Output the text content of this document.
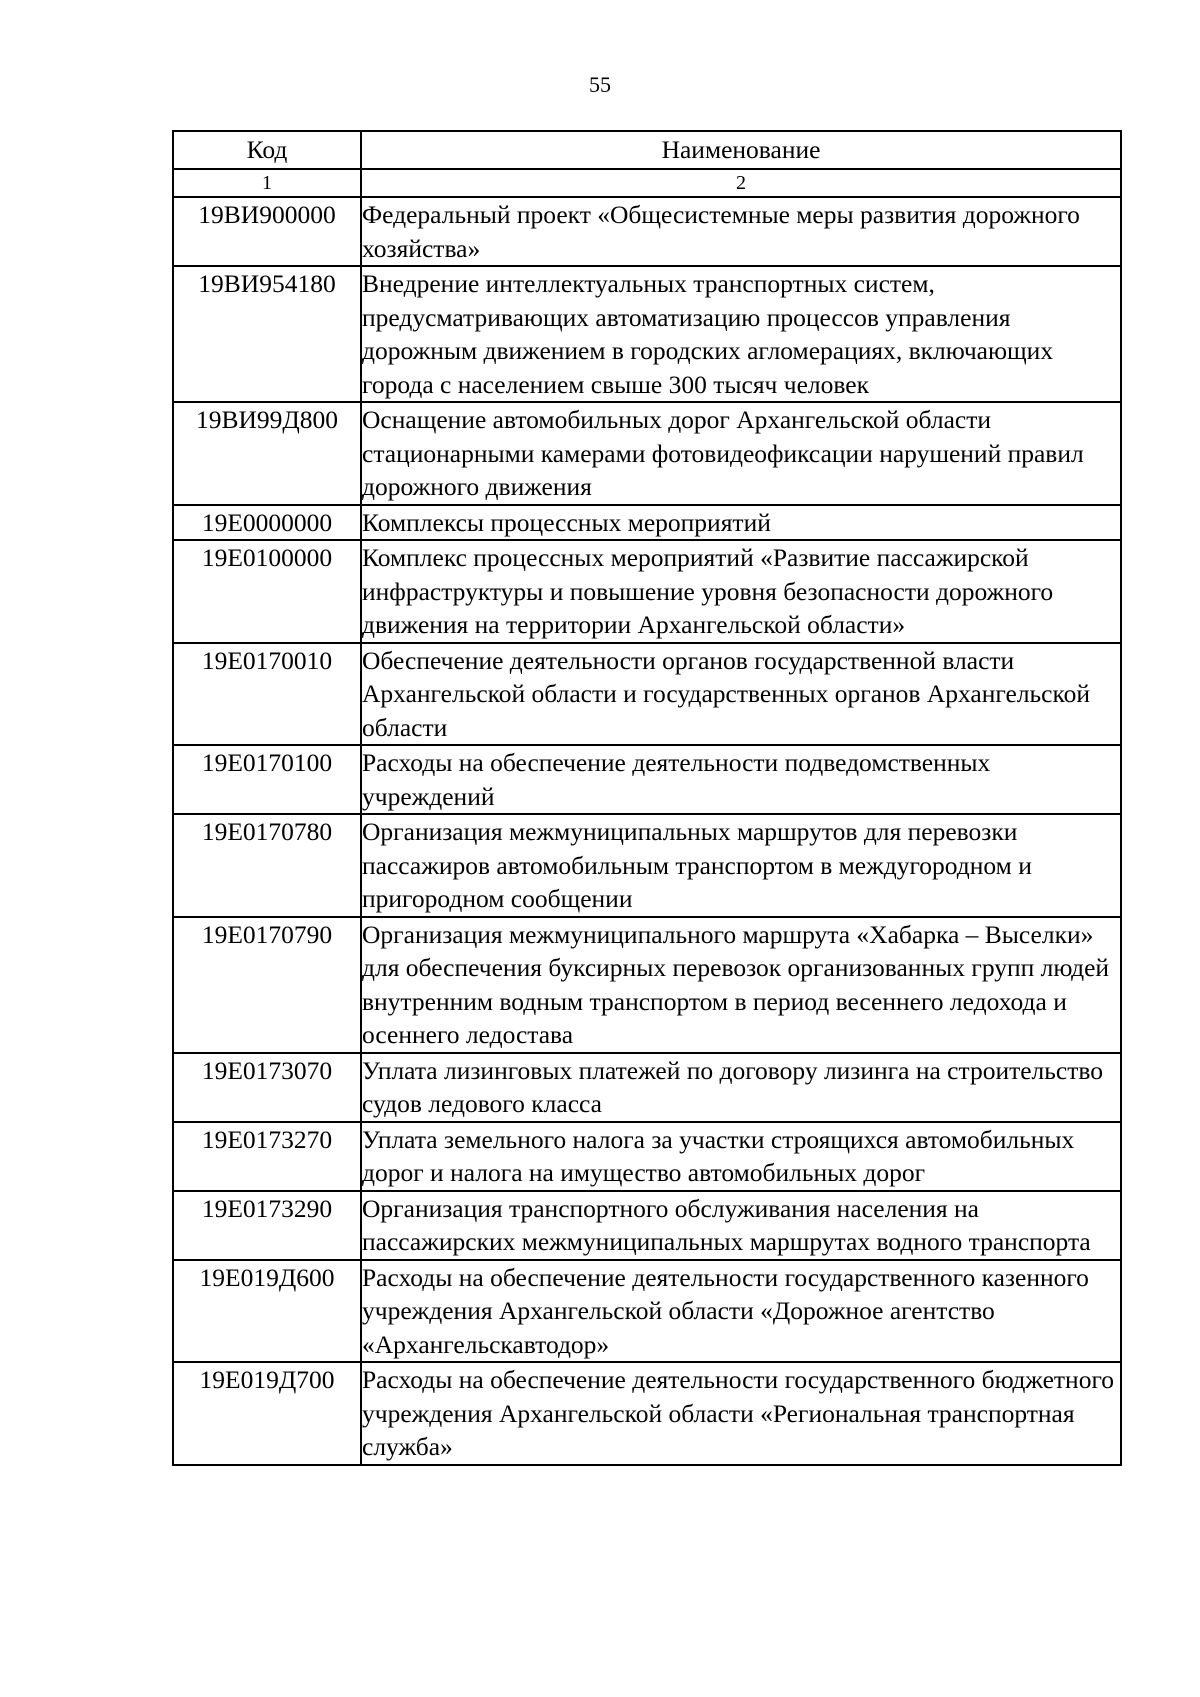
55
Код	Наименование
1	2
19ВИ900000	Федеральный проект «Общесистемные меры развития дорожного хозяйства»
19ВИ954180	Внедрение интеллектуальных транспортных систем, предусматривающих автоматизацию процессов управления дорожным движением в городских агломерациях, включающих города с населением свыше 300 тысяч человек
19ВИ99Д800	Оснащение автомобильных дорог Архангельской области стационарными камерами фотовидеофиксации нарушений правил дорожного движения
19Е0000000	Комплексы процессных мероприятий
19Е0100000	Комплекс процессных мероприятий «Развитие пассажирской инфраструктуры и повышение уровня безопасности дорожного движения на территории Архангельской области»
19Е0170010	Обеспечение деятельности органов государственной власти Архангельской области и государственных органов Архангельской области
19Е0170100	Расходы на обеспечение деятельности подведомственных учреждений
19Е0170780	Организация межмуниципальных маршрутов для перевозки пассажиров автомобильным транспортом в междугородном и пригородном сообщении
19Е0170790	Организация межмуниципального маршрута «Хабарка – Выселки» для обеспечения буксирных перевозок организованных групп людей внутренним водным транспортом в период весеннего ледохода и осеннего ледостава
19Е0173070	Уплата лизинговых платежей по договору лизинга на строительство судов ледового класса
19Е0173270	Уплата земельного налога за участки строящихся автомобильных дорог и налога на имущество автомобильных дорог
19Е0173290	Организация транспортного обслуживания населения на пассажирских межмуниципальных маршрутах водного транспорта
19Е019Д600	Расходы на обеспечение деятельности государственного казенного учреждения Архангельской области «Дорожное агентство «Архангельскавтодор»
19Е019Д700	Расходы на обеспечение деятельности государственного бюджетного учреждения Архангельской области «Региональная транспортная служба»
